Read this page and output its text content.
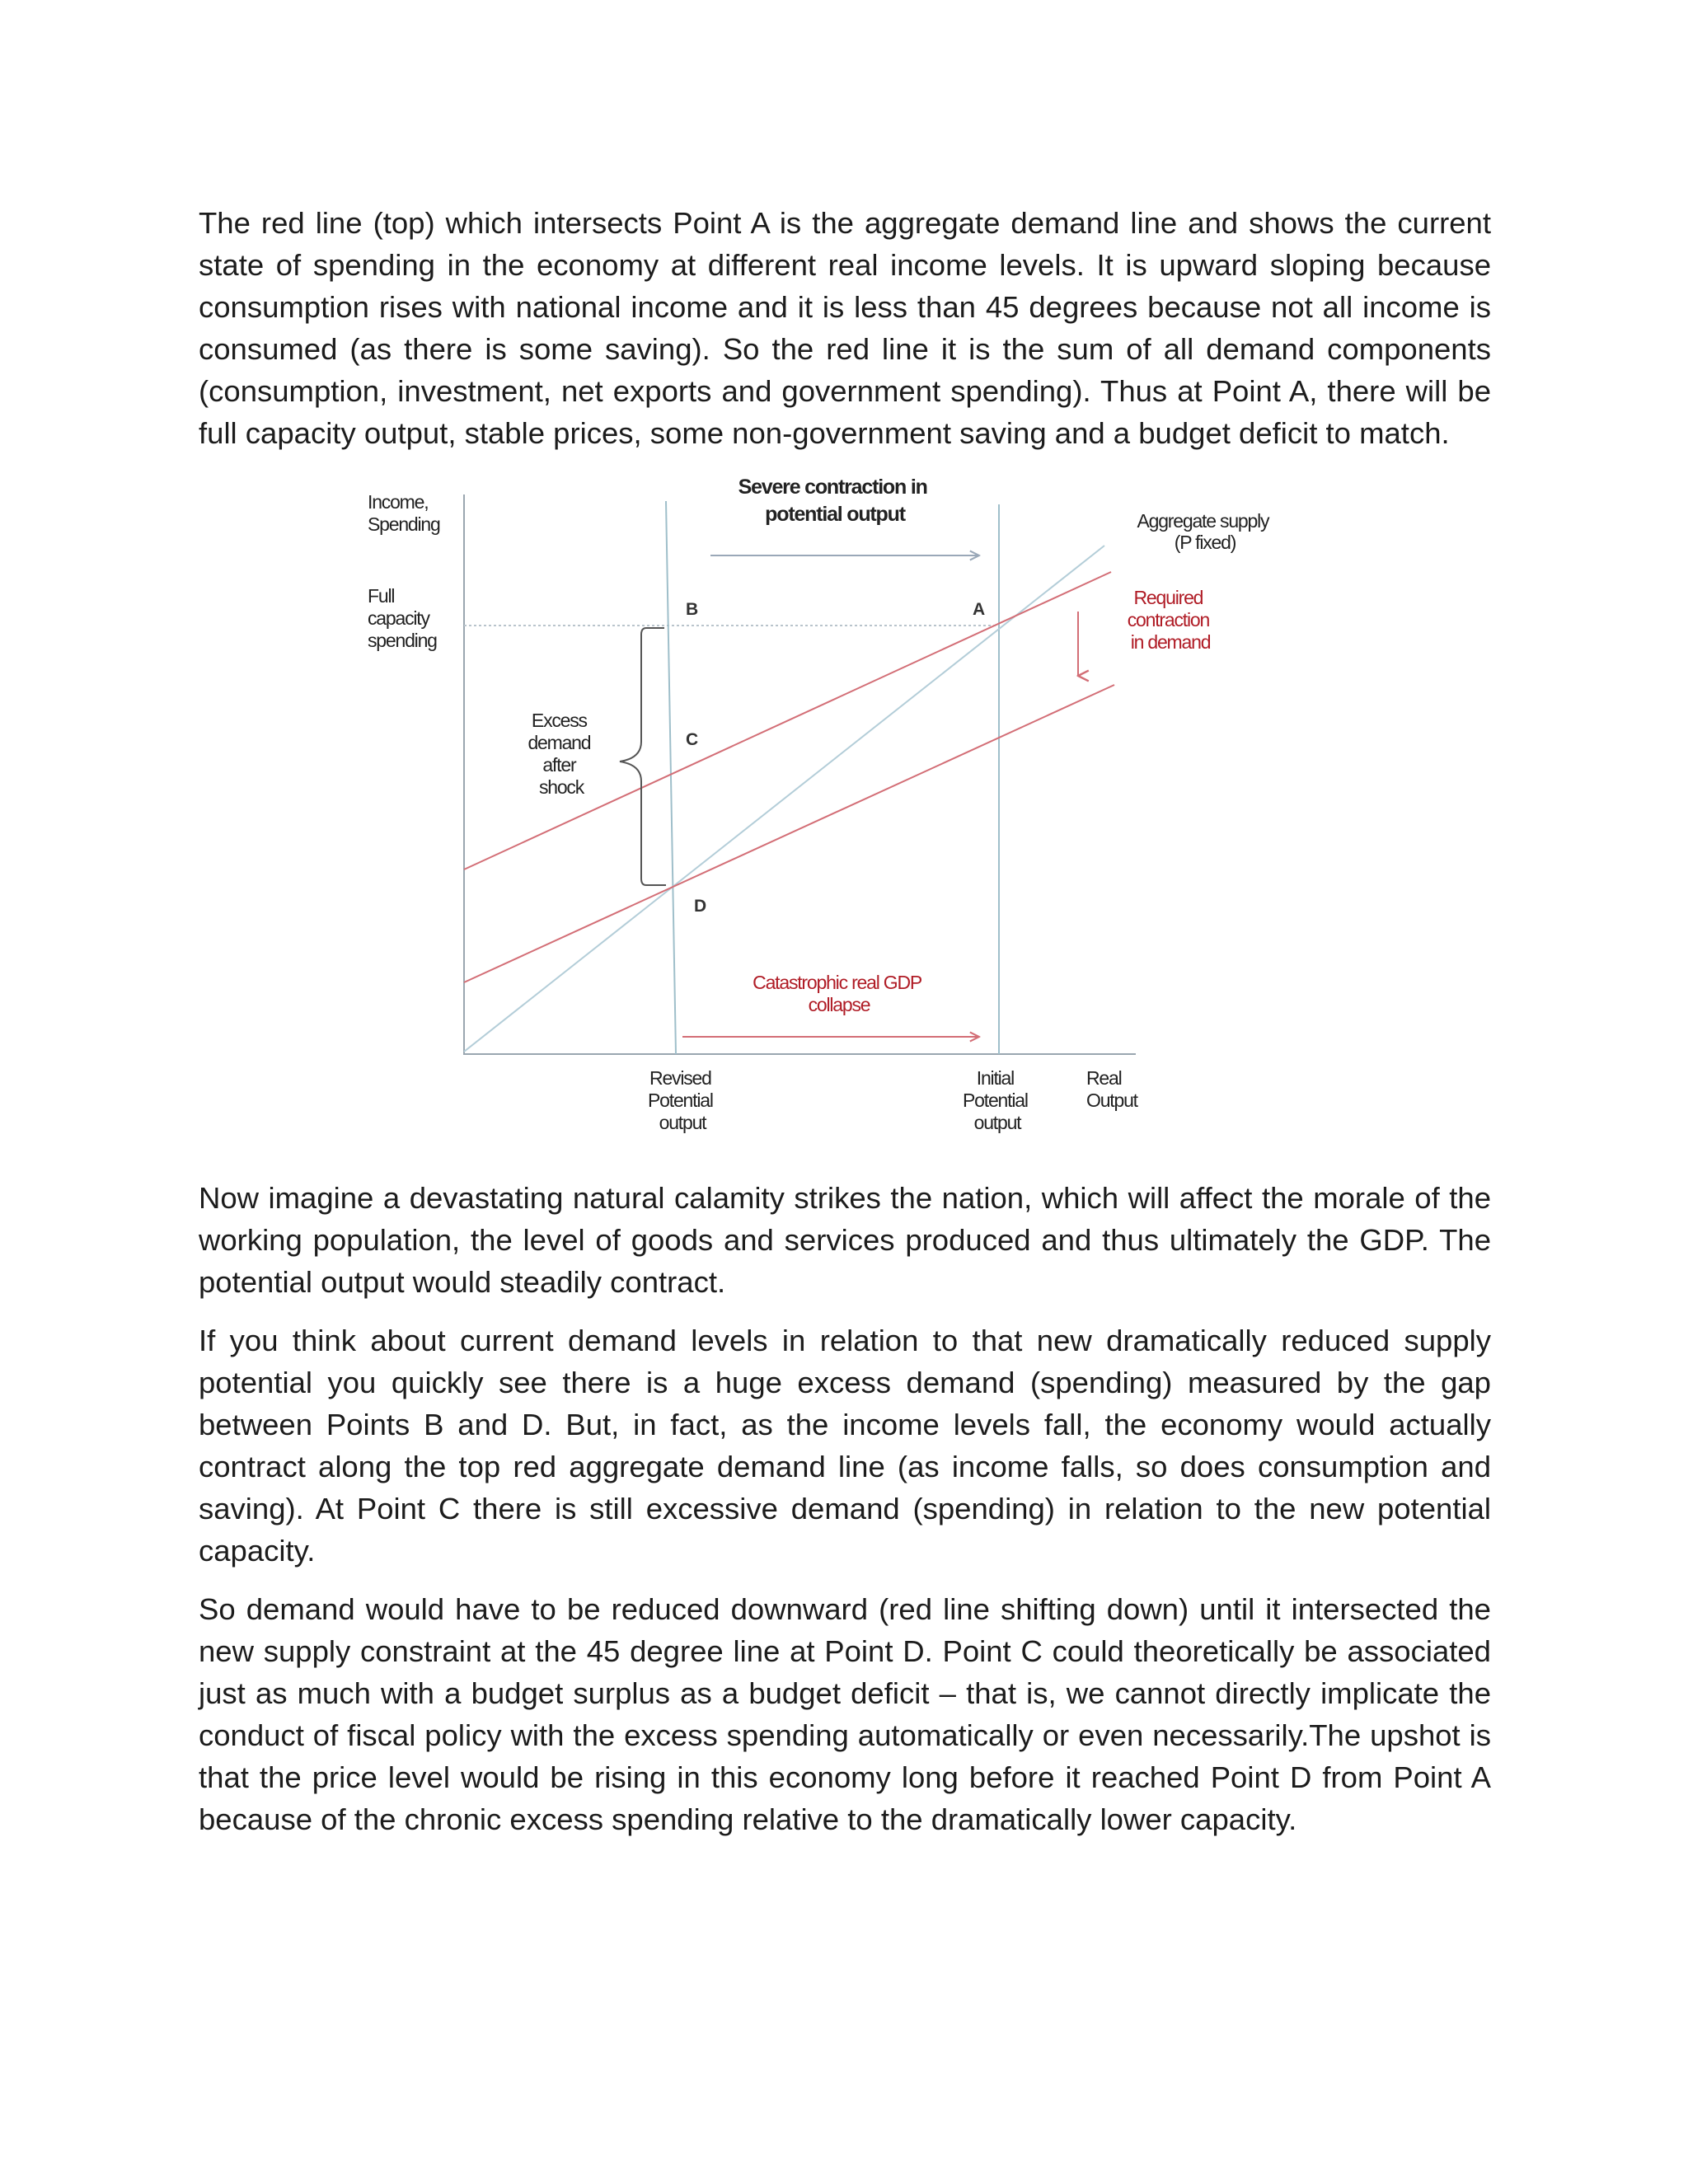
The red line (top) which intersects Point A is the aggregate demand line and shows the current state of spending in the economy at different real income levels. It is upward sloping because consumption rises with national income and it is less than 45 degrees because not all income is consumed (as there is some saving). So the red line it is the sum of all demand components (consumption, investment, net exports and government spending). Thus at Point A, there will be full capacity output, stable prices, some non-government saving and a budget deficit to match.

Income, Spending
Full capacity spending
Severe contraction in potential output	Aggregate supply (P fixed)
Required contraction in demand
Excess demand after shock
Catastrophic real GDP collapse
Revised Potential output
Initial Potential output
Real Output
A
B
C
D

Now imagine a devastating natural calamity strikes the nation, which will affect the morale of the working population, the level of goods and services produced and thus ultimately the GDP. The potential output would steadily contract.

If you think about current demand levels in relation to that new dramatically reduced supply potential you quickly see there is a huge excess demand (spending) measured by the gap between Points B and D. But, in fact, as the income levels fall, the economy would actually contract along the top red aggregate demand line (as income falls, so does consumption and saving). At Point C there is still excessive demand (spending) in relation to the new potential capacity.

So demand would have to be reduced downward (red line shifting down) until it intersected the new supply constraint at the 45 degree line at Point D. Point C could theoretically be associated just as much with a budget surplus as a budget deficit – that is, we cannot directly implicate the conduct of fiscal policy with the excess spending automatically or even necessarily.The upshot is that the price level would be rising in this economy long before it reached Point D from Point A because of the chronic excess spending relative to the dramatically lower capacity.
